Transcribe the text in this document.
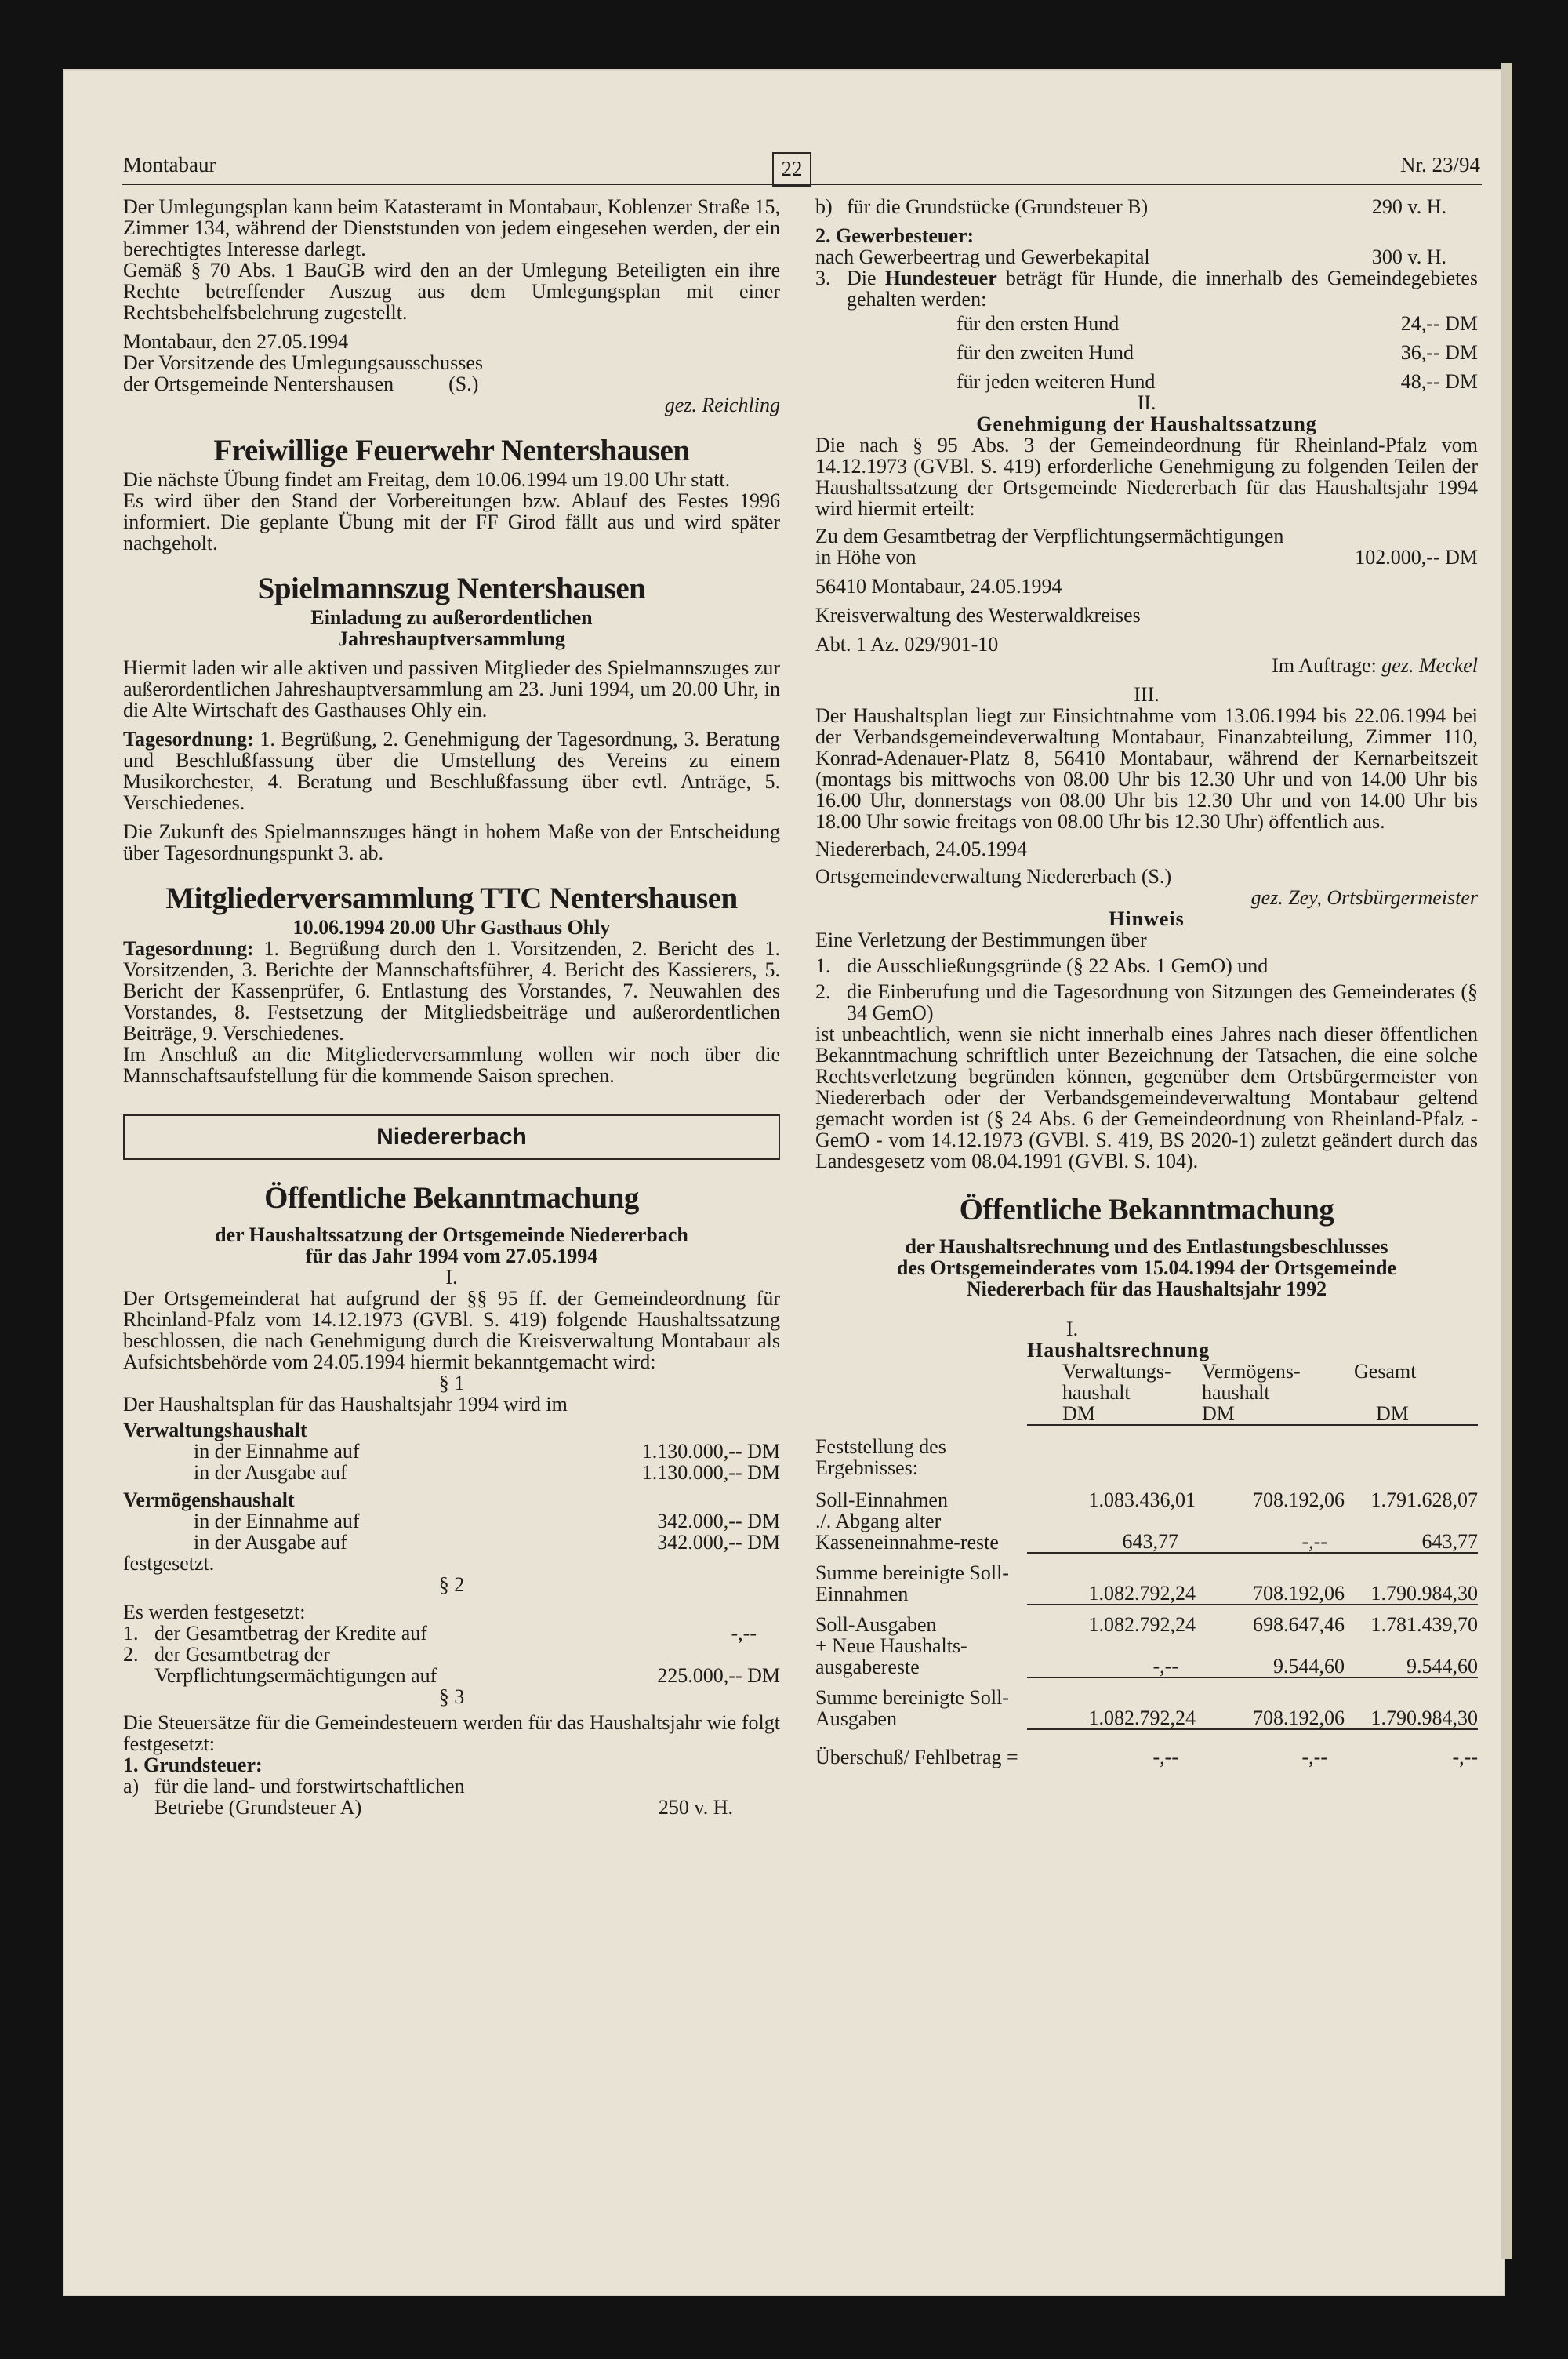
Montabaur	22	Nr. 23/94

Der Umlegungsplan kann beim Katasteramt in Montabaur, Koblenzer Straße 15, Zimmer 134, während der Dienststunden von jedem eingesehen werden, der ein berechtigtes Interesse darlegt.

Gemäß § 70 Abs. 1 BauGB wird den an der Umlegung Beteiligten ein ihre Rechte betreffender Auszug aus dem Umlegungsplan mit einer Rechtsbehelfsbelehrung zugestellt.

Montabaur, den 27.05.1994

Der Vorsitzende des Umlegungsausschusses

der Ortsgemeinde Nentershausen	(S.)

gez. Reichling

Freiwillige Feuerwehr Nentershausen

Die nächste Übung findet am Freitag, dem 10.06.1994 um 19.00 Uhr statt.

Es wird über den Stand der Vorbereitungen bzw. Ablauf des Festes 1996 informiert. Die geplante Übung mit der FF Girod fällt aus und wird später nachgeholt.

Spielmannszug Nentershausen

Einladung zu außerordentlichen

Jahreshauptversammlung

Hiermit laden wir alle aktiven und passiven Mitglieder des Spielmannszuges zur außerordentlichen Jahreshauptversammlung am 23. Juni 1994, um 20.00 Uhr, in die Alte Wirtschaft des Gasthauses Ohly ein.

Tagesordnung: 1. Begrüßung, 2. Genehmigung der Tagesordnung, 3. Beratung und Beschlußfassung über die Umstellung des Vereins zu einem Musikorchester, 4. Beratung und Beschlußfassung über evtl. Anträge, 5. Verschiedenes.

Die Zukunft des Spielmannszuges hängt in hohem Maße von der Entscheidung über Tagesordnungspunkt 3. ab.

Mitgliederversammlung TTC Nentershausen

10.06.1994 20.00 Uhr Gasthaus Ohly

Tagesordnung: 1. Begrüßung durch den 1. Vorsitzenden, 2. Bericht des 1. Vorsitzenden, 3. Berichte der Mannschaftsführer, 4. Bericht des Kassierers, 5. Bericht der Kassenprüfer, 6. Entlastung des Vorstandes, 7. Neuwahlen des Vorstandes, 8. Festsetzung der Mitgliedsbeiträge und außerordentlichen Beiträge, 9. Verschiedenes.

Im Anschluß an die Mitgliederversammlung wollen wir noch über die Mannschaftsaufstellung für die kommende Saison sprechen.

Niedererbach

Öffentliche Bekanntmachung

der Haushaltssatzung der Ortsgemeinde Niedererbach

für das Jahr 1994 vom 27.05.1994

I.

Der Ortsgemeinderat hat aufgrund der §§ 95 ff. der Gemeindeordnung für Rheinland-Pfalz vom 14.12.1973 (GVBl. S. 419) folgende Haushaltssatzung beschlossen, die nach Genehmigung durch die Kreisverwaltung Montabaur als Aufsichtsbehörde vom 24.05.1994 hiermit bekanntgemacht wird:

§ 1

Der Haushaltsplan für das Haushaltsjahr 1994 wird im

Verwaltungshaushalt

in der Einnahme auf	1.130.000,-- DM
in der Ausgabe auf	1.130.000,-- DM

Vermögenshaushalt

in der Einnahme auf	342.000,-- DM
in der Ausgabe auf	342.000,-- DM

festgesetzt.

§ 2

Es werden festgesetzt:

1. der Gesamtbetrag der Kredite auf	-,--
2. der Gesamtbetrag der
Verpflichtungsermächtigungen auf	225.000,-- DM

§ 3

Die Steuersätze für die Gemeindesteuern werden für das Haushaltsjahr wie folgt festgesetzt:

1. Grundsteuer:

a) für die land- und forstwirtschaftlichen
Betriebe (Grundsteuer A)	250 v. H.
b) für die Grundstücke (Grundsteuer B)	290 v. H.

2. Gewerbesteuer:

nach Gewerbeertrag und Gewerbekapital	300 v. H.
3. Die Hundesteuer beträgt für Hunde, die innerhalb des Gemeindegebietes gehalten werden:
für den ersten Hund	24,-- DM
für den zweiten Hund	36,-- DM
für jeden weiteren Hund	48,-- DM

II.

Genehmigung der Haushaltssatzung

Die nach § 95 Abs. 3 der Gemeindeordnung für Rheinland-Pfalz vom 14.12.1973 (GVBl. S. 419) erforderliche Genehmigung zu folgenden Teilen der Haushaltssatzung der Ortsgemeinde Niedererbach für das Haushaltsjahr 1994 wird hiermit erteilt:

Zu dem Gesamtbetrag der Verpflichtungsermächtigungen

in Höhe von	102.000,-- DM

56410 Montabaur, 24.05.1994

Kreisverwaltung des Westerwaldkreises

Abt. 1 Az. 029/901-10

Im Auftrage: gez. Meckel

III.

Der Haushaltsplan liegt zur Einsichtnahme vom 13.06.1994 bis 22.06.1994 bei der Verbandsgemeindeverwaltung Montabaur, Finanzabteilung, Zimmer 110, Konrad-Adenauer-Platz 8, 56410 Montabaur, während der Kernarbeitszeit (montags bis mittwochs von 08.00 Uhr bis 12.30 Uhr und von 14.00 Uhr bis 16.00 Uhr, donnerstags von 08.00 Uhr bis 12.30 Uhr und von 14.00 Uhr bis 18.00 Uhr sowie freitags von 08.00 Uhr bis 12.30 Uhr) öffentlich aus.

Niedererbach, 24.05.1994

Ortsgemeindeverwaltung Niedererbach (S.)

gez. Zey, Ortsbürgermeister

Hinweis

Eine Verletzung der Bestimmungen über

1. die Ausschließungsgründe (§ 22 Abs. 1 GemO) und
2. die Einberufung und die Tagesordnung von Sitzungen des Gemeinderates (§ 34 GemO)

ist unbeachtlich, wenn sie nicht innerhalb eines Jahres nach dieser öffentlichen Bekanntmachung schriftlich unter Bezeichnung der Tatsachen, die eine solche Rechtsverletzung begründen können, gegenüber dem Ortsbürgermeister von Niedererbach oder der Verbandsgemeindeverwaltung Montabaur geltend gemacht worden ist (§ 24 Abs. 6 der Gemeindeordnung von Rheinland-Pfalz - GemO - vom 14.12.1973 (GVBl. S. 419, BS 2020-1) zuletzt geändert durch das Landesgesetz vom 08.04.1991 (GVBl. S. 104).

Öffentliche Bekanntmachung

der Haushaltsrechnung und des Entlastungsbeschlusses

des Ortsgemeinderates vom 15.04.1994 der Ortsgemeinde

Niedererbach für das Haushaltsjahr 1992

I.

Haushaltsrechnung

	Verwaltungs-	Vermögens-	Gesamt
	haushalt	haushalt	
	DM	DM	DM

Feststellung des Ergebnisses:			

Soll-Einnahmen	1.083.436,01	708.192,06	1.791.628,07
./. Abgang alter Kasseneinnahme-reste	643,77	-,--	643,77

Summe bereinigte Soll-Einnahmen	1.082.792,24	708.192,06	1.790.984,30

Soll-Ausgaben	1.082.792,24	698.647,46	1.781.439,70
+ Neue Haushalts-ausgabereste	-,--	9.544,60	9.544,60

Summe bereinigte Soll-Ausgaben	1.082.792,24	708.192,06	1.790.984,30

Überschuß/ Fehlbetrag =	-,--	-,--	-,--
